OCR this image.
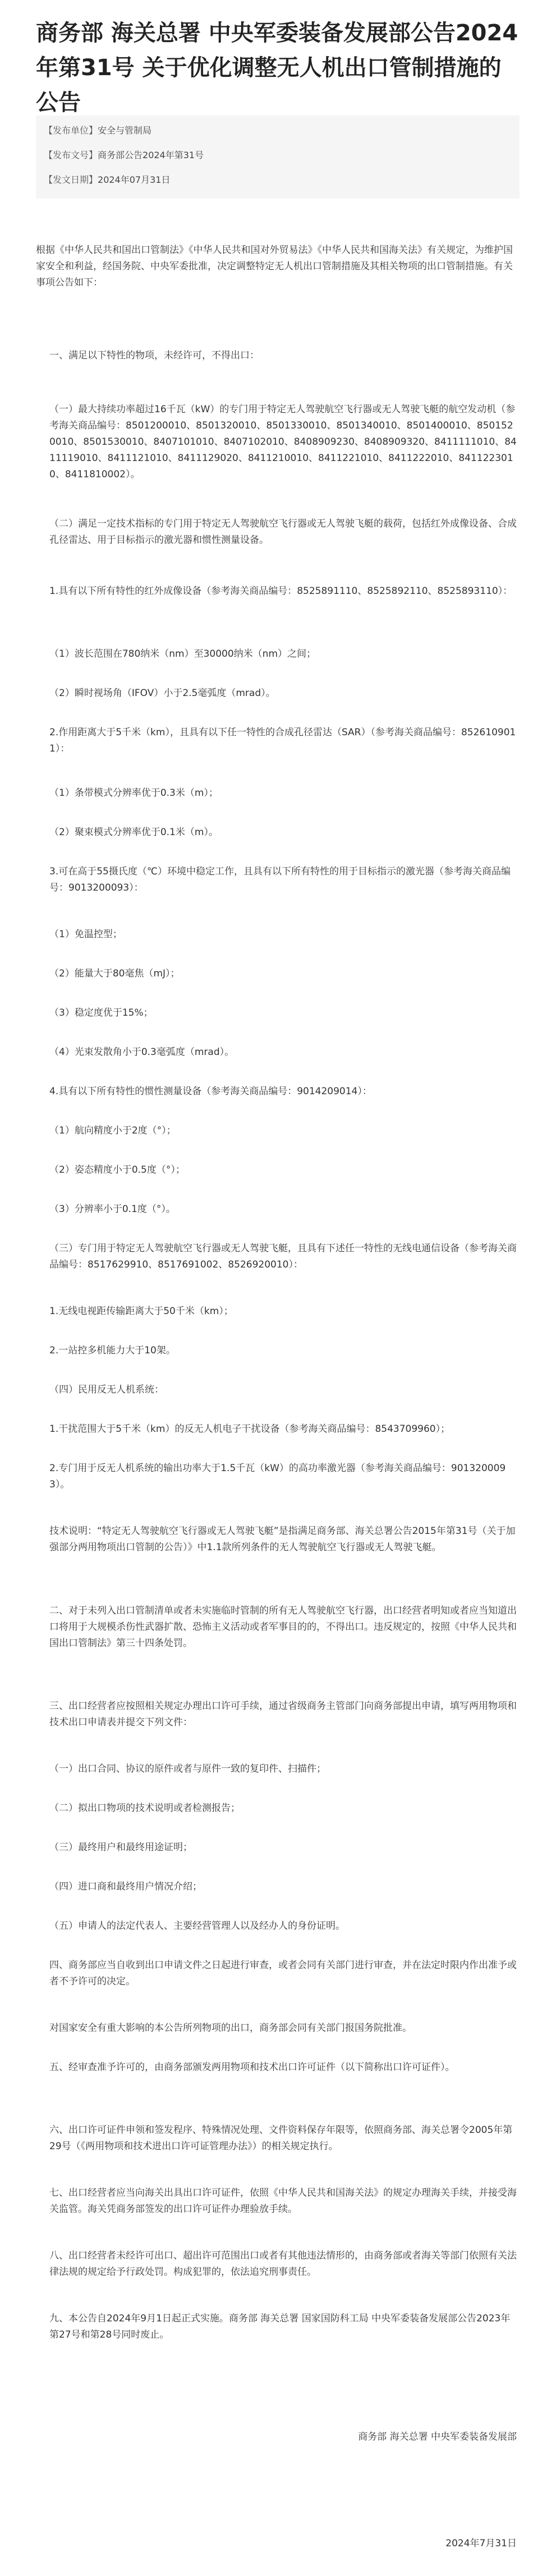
商务部 海关总署 中央军委装备发展部公告2024年第31号 关于优化调整无人机出口管制措施的公告
【发布单位】安全与管制局
【发布文号】商务部公告2024年第31号
【发文日期】2024年07月31日

根据《中华人民共和国出口管制法》《中华人民共和国对外贸易法》《中华人民共和国海关法》有关规定，为维护国家安全和利益，经国务院、中央军委批准，决定调整特定无人机出口管制措施及其相关物项的出口管制措施。有关事项公告如下：

一、满足以下特性的物项，未经许可，不得出口：

（一）最大持续功率超过16千瓦（kW）的专门用于特定无人驾驶航空飞行器或无人驾驶飞艇的航空发动机（参考海关商品编号：8501200010、8501320010、8501330010、8501340010、8501400010、8501520010、8501530010、8407101010、8407102010、8408909230、8408909320、8411111010、8411119010、8411121010、8411129020、8411210010、8411221010、8411222010、8411223010、8411810002）。

（二）满足一定技术指标的专门用于特定无人驾驶航空飞行器或无人驾驶飞艇的载荷，包括红外成像设备、合成孔径雷达、用于目标指示的激光器和惯性测量设备。

1.具有以下所有特性的红外成像设备（参考海关商品编号：8525891110、8525892110、8525893110）：

（1）波长范围在780纳米（nm）至30000纳米（nm）之间；

（2）瞬时视场角（IFOV）小于2.5毫弧度（mrad）。

2.作用距离大于5千米（km），且具有以下任一特性的合成孔径雷达（SAR）（参考海关商品编号：8526109011）：

（1）条带模式分辨率优于0.3米（m）；

（2）聚束模式分辨率优于0.1米（m）。

3.可在高于55摄氏度（℃）环境中稳定工作，且具有以下所有特性的用于目标指示的激光器（参考海关商品编号：9013200093）：

（1）免温控型；

（2）能量大于80毫焦（mJ）；

（3）稳定度优于15%；

（4）光束发散角小于0.3毫弧度（mrad）。

4.具有以下所有特性的惯性测量设备（参考海关商品编号：9014209014）：

（1）航向精度小于2度（°）；

（2）姿态精度小于0.5度（°）；

（3）分辨率小于0.1度（°）。

（三）专门用于特定无人驾驶航空飞行器或无人驾驶飞艇，且具有下述任一特性的无线电通信设备（参考海关商品编号：8517629910、8517691002、8526920010）：

1.无线电视距传输距离大于50千米（km）；

2.一站控多机能力大于10架。

（四）民用反无人机系统：

1.干扰范围大于5千米（km）的反无人机电子干扰设备（参考海关商品编号：8543709960）；

2.专门用于反无人机系统的输出功率大于1.5千瓦（kW）的高功率激光器（参考海关商品编号：9013200093）。

技术说明：“特定无人驾驶航空飞行器或无人驾驶飞艇”是指满足商务部、海关总署公告2015年第31号（关于加强部分两用物项出口管制的公告）》中1.1款所列条件的无人驾驶航空飞行器或无人驾驶飞艇。

二、对于未列入出口管制清单或者未实施临时管制的所有无人驾驶航空飞行器，出口经营者明知或者应当知道出口将用于大规模杀伤性武器扩散、恐怖主义活动或者军事目的的，不得出口。违反规定的，按照《中华人民共和国出口管制法》第三十四条处罚。

三、出口经营者应按照相关规定办理出口许可手续，通过省级商务主管部门向商务部提出申请，填写两用物项和技术出口申请表并提交下列文件：

（一）出口合同、协议的原件或者与原件一致的复印件、扫描件；

（二）拟出口物项的技术说明或者检测报告；

（三）最终用户和最终用途证明；

（四）进口商和最终用户情况介绍；

（五）申请人的法定代表人、主要经营管理人以及经办人的身份证明。

四、商务部应当自收到出口申请文件之日起进行审查，或者会同有关部门进行审查，并在法定时限内作出准予或者不予许可的决定。

对国家安全有重大影响的本公告所列物项的出口，商务部会同有关部门报国务院批准。

五、经审查准予许可的，由商务部颁发两用物项和技术出口许可证件（以下简称出口许可证件）。

六、出口许可证件申领和签发程序、特殊情况处理、文件资料保存年限等，依照商务部、海关总署令2005年第29号（《两用物项和技术进出口许可证管理办法》）的相关规定执行。

七、出口经营者应当向海关出具出口许可证件，依照《中华人民共和国海关法》的规定办理海关手续，并接受海关监管。海关凭商务部签发的出口许可证件办理验放手续。

八、出口经营者未经许可出口、超出许可范围出口或者有其他违法情形的，由商务部或者海关等部门依照有关法律法规的规定给予行政处罚。构成犯罪的，依法追究刑事责任。

九、本公告自2024年9月1日起正式实施。商务部 海关总署 国家国防科工局 中央军委装备发展部公告2023年第27号和第28号同时废止。

商务部 海关总署 中央军委装备发展部
2024年7月31日
